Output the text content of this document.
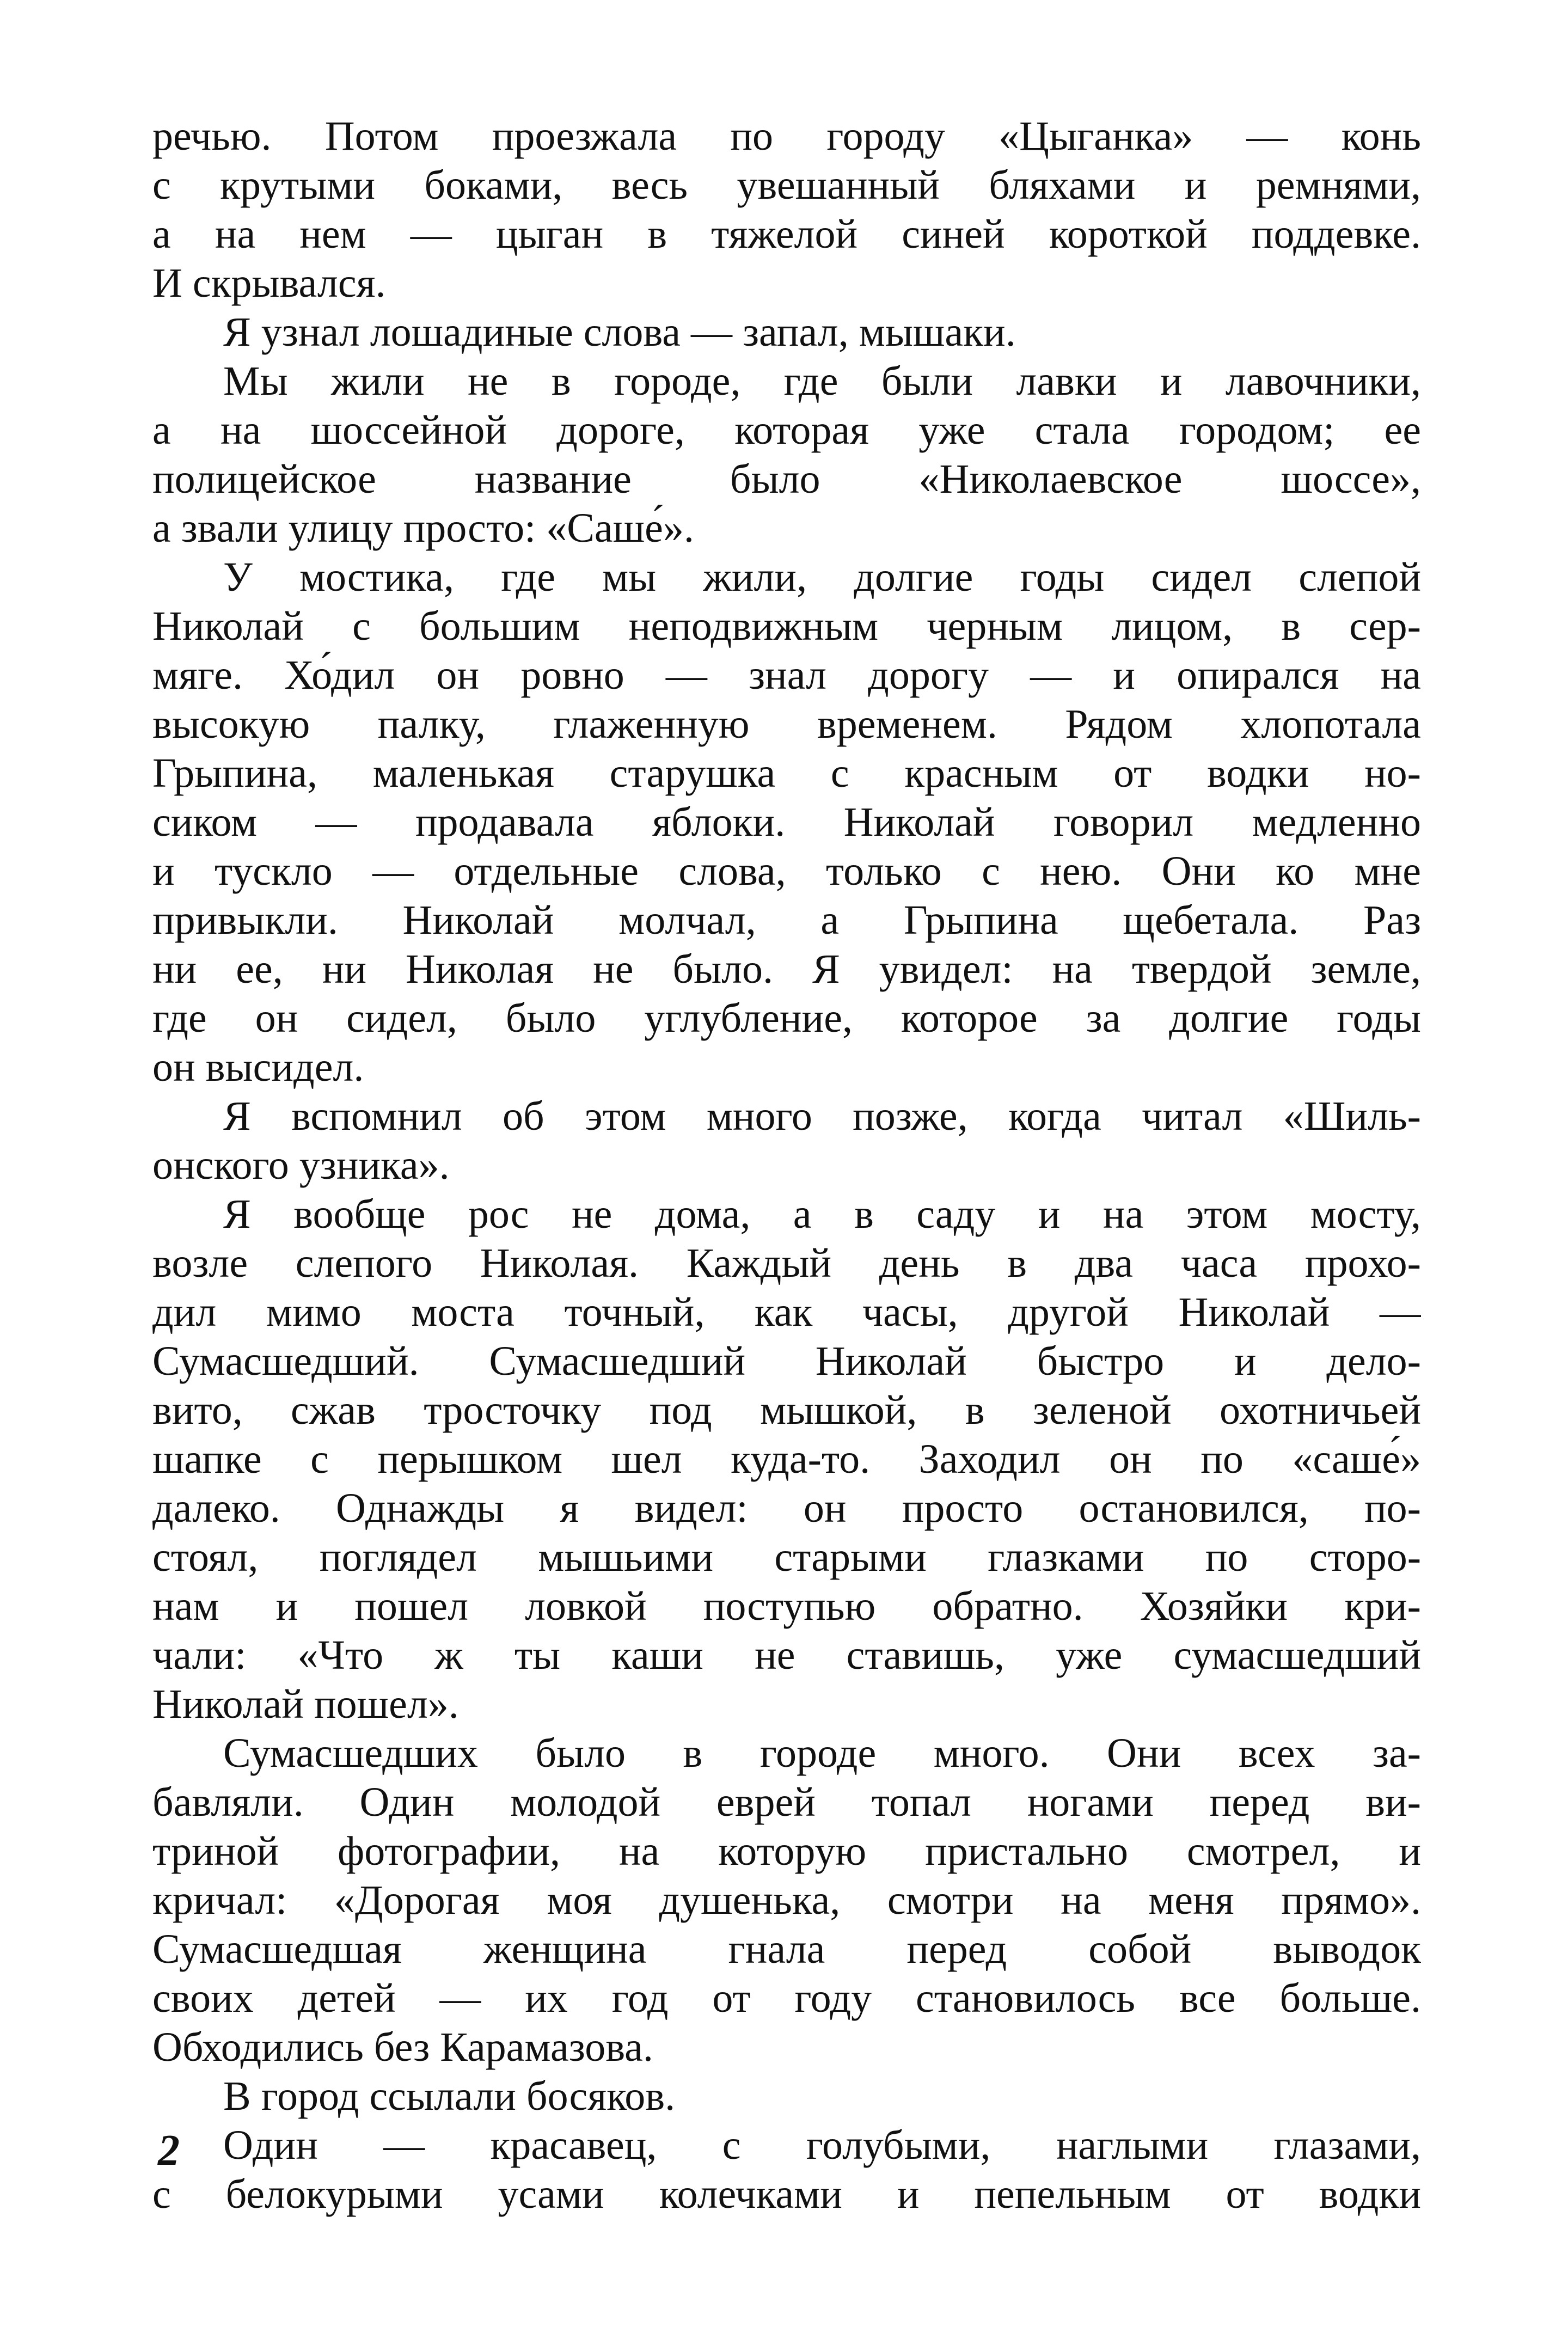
речью. Потом проезжала по городу «Цыганка» — конь
с крутыми боками, весь увешанный бляхами и ремнями,
а на нем — цыган в тяжелой синей короткой поддевке.
И скрывался.
Я узнал лошадиные слова — запал, мышаки.
Мы жили не в городе, где были лавки и лавочники,
а на шоссейной дороге, которая уже стала городом; ее
полицейское название было «Николаевское шоссе»,
а звали улицу просто: «Саше́».
У мостика, где мы жили, долгие годы сидел слепой
Николай с большим неподвижным черным лицом, в сер-
мяге. Хо́дил он ровно — знал дорогу — и опирался на
высокую палку, глаженную временем. Рядом хлопотала
Грыпина, маленькая старушка с красным от водки но-
сиком — продавала яблоки. Николай говорил медленно
и тускло — отдельные слова, только с нею. Они ко мне
привыкли. Николай молчал, а Грыпина щебетала. Раз
ни ее, ни Николая не было. Я увидел: на твердой земле,
где он сидел, было углубление, которое за долгие годы
он высидел.
Я вспомнил об этом много позже, когда читал «Шиль-
онского узника».
Я вообще рос не дома, а в саду и на этом мосту,
возле слепого Николая. Каждый день в два часа прохо-
дил мимо моста точный, как часы, другой Николай —
Сумасшедший. Сумасшедший Николай быстро и дело-
вито, сжав тросточку под мышкой, в зеленой охотничьей
шапке с перышком шел куда-то. Заходил он по «саше́»
далеко. Однажды я видел: он просто остановился, по-
стоял, поглядел мышьими старыми глазками по сторо-
нам и пошел ловкой поступью обратно. Хозяйки кри-
чали: «Что ж ты каши не ставишь, уже сумасшедший
Николай пошел».
Сумасшедших было в городе много. Они всех за-
бавляли. Один молодой еврей топал ногами перед ви-
триной фотографии, на которую пристально смотрел, и
кричал: «Дорогая моя душенька, смотри на меня прямо».
Сумасшедшая женщина гнала перед собой выводок
своих детей — их год от году становилось все больше.
Обходились без Карамазова.
В город ссылали босяков.
Один — красавец, с голубыми, наглыми глазами,
с белокурыми усами колечками и пепельным от водки
2
